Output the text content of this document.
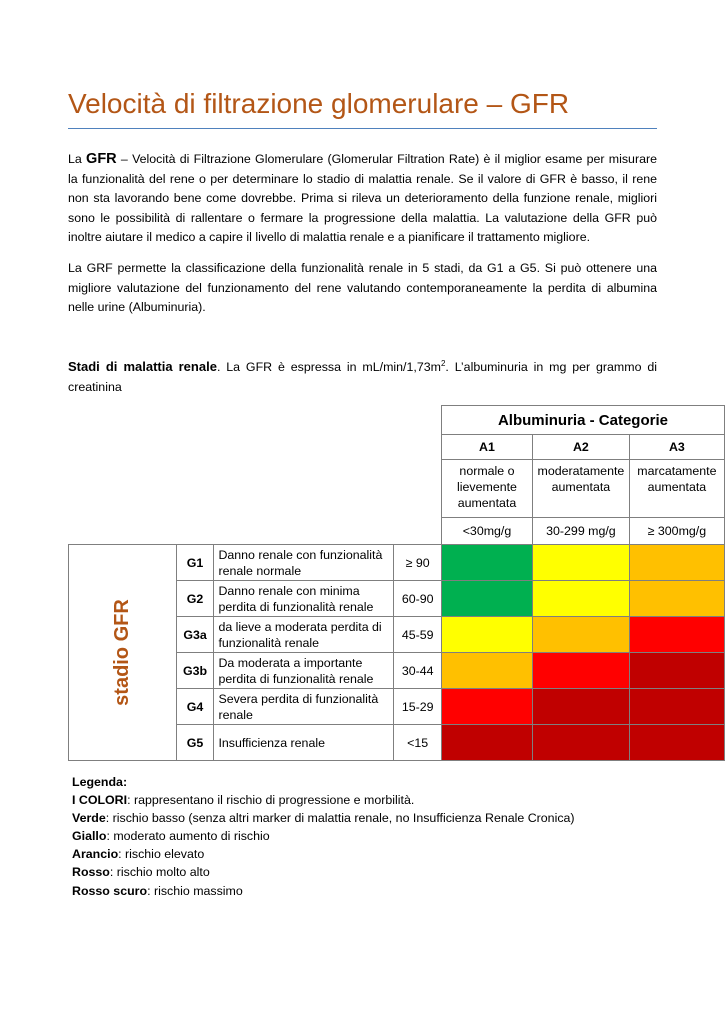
Velocità di filtrazione glomerulare – GFR

La GFR – Velocità di Filtrazione Glomerulare (Glomerular Filtration Rate) è il miglior esame per misurare la funzionalità del rene o per determinare lo stadio di malattia renale. Se il valore di GFR è basso, il rene non sta lavorando bene come dovrebbe. Prima si rileva un deterioramento della funzione renale, migliori sono le possibilità di rallentare o fermare la progressione della malattia. La valutazione della GFR può inoltre aiutare il medico a capire il livello di malattia renale e a pianificare il trattamento migliore.

La GRF permette la classificazione della funzionalità renale in 5 stadi, da G1 a G5. Si può ottenere una migliore valutazione del funzionamento del rene valutando contemporaneamente la perdita di albumina nelle urine (Albuminuria).

Stadi di malattia renale. La GFR è espressa in $mL/\min/1,73m^2$. L’albuminuria in mg per grammo di creatinina

				Albuminuria - Categorie		
				A1	A2	A3
				normale o lievemente aumentata	moderatamente aumentata	marcatamente aumentata
				<30mg/g	30-299 mg/g	≥ 300mg/g
stadio GFR	G1	Danno renale con funzionalità renale normale	≥ 90			
	G2	Danno renale con minima perdita di funzionalità renale	60-90			
	G3a	da lieve a moderata perdita di funzionalità renale	45-59			
	G3b	Da moderata a importante perdita di funzionalità renale	30-44			
	G4	Severa perdita di funzionalità renale	15-29			
	G5	Insufficienza renale	<15			

Legenda:

I COLORI: rappresentano il rischio di progressione e morbilità.

Verde: rischio basso (senza altri marker di malattia renale, no Insufficienza Renale Cronica)

Giallo: moderato aumento di rischio

Arancio: rischio elevato

Rosso: rischio molto alto

Rosso scuro: rischio massimo
